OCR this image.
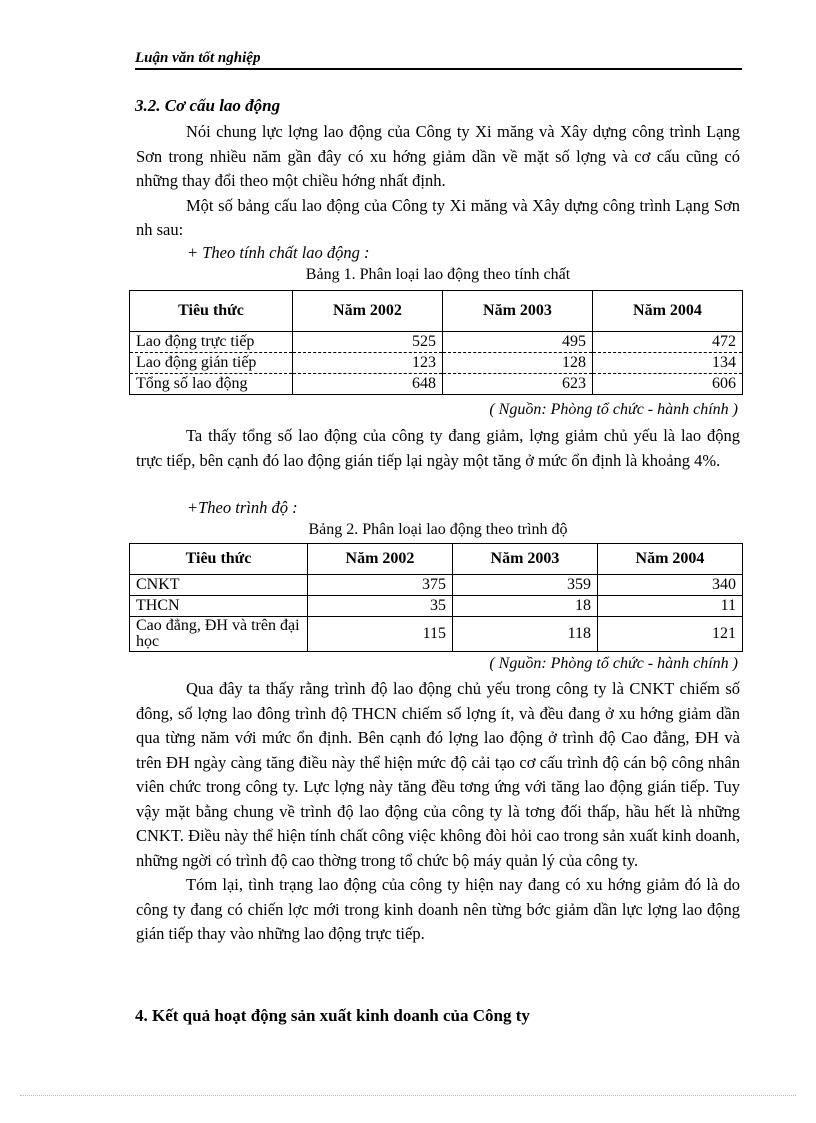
Luận văn tốt nghiệp
3.2. Cơ cấu lao động

Nói chung lực lợng lao động của Công ty Xi măng và Xây dựng công trình Lạng Sơn trong nhiều năm gần đây có xu hớng giảm dần về mặt số lợng và cơ cấu cũng có những thay đổi theo một chiều hớng nhất định.

Một số bảng cấu lao động của Công ty Xi măng và Xây dựng công trình Lạng Sơn nh sau:

+ Theo tính chất lao động :
Bảng 1. Phân loại lao động theo tính chất
Tiêu thức	Năm 2002	Năm 2003	Năm 2004
Lao động trực tiếp	525	495	472
Lao động gián tiếp	123	128	134
Tổng số lao động	648	623	606
( Nguồn: Phòng tổ chức - hành chính )

Ta thấy tổng số lao động của công ty đang giảm, lợng giảm chủ yếu là lao động trực tiếp, bên cạnh đó lao động gián tiếp lại ngày một tăng ở mức ổn định là khoảng 4%.

+Theo trình độ :
Bảng 2. Phân loại lao động theo trình độ
Tiêu thức	Năm 2002	Năm 2003	Năm 2004
CNKT	375	359	340
THCN	35	18	11
Cao đẳng, ĐH và trên đại học	115	118	121
( Nguồn: Phòng tổ chức - hành chính )

Qua đây ta thấy rằng trình độ lao động chủ yếu trong công ty là CNKT chiếm số đông, số lợng lao đông trình độ THCN chiếm số lợng ít, và đều đang ở xu hớng giảm dần qua từng năm với mức ổn định. Bên cạnh đó lợng lao động ở trình độ Cao đẳng, ĐH và trên ĐH ngày càng tăng điều này thể hiện mức độ cải tạo cơ cấu trình độ cán bộ công nhân viên chức trong công ty. Lực lợng này tăng đều tơng ứng với tăng lao động gián tiếp. Tuy vậy mặt bằng chung về trình độ lao động của công ty là tơng đối thấp, hầu hết là những CNKT. Điều này thể hiện tính chất công việc không đòi hỏi cao trong sản xuất kinh doanh, những ngời có trình độ cao thờng trong tổ chức bộ máy quản lý của công ty.

Tóm lại, tình trạng lao động của công ty hiện nay đang có xu hớng giảm đó là do công ty đang có chiến lợc mới trong kinh doanh nên từng bớc giảm dần lực lợng lao động gián tiếp thay vào những lao động trực tiếp.

4. Kết quả hoạt động sản xuất kinh doanh của Công ty
